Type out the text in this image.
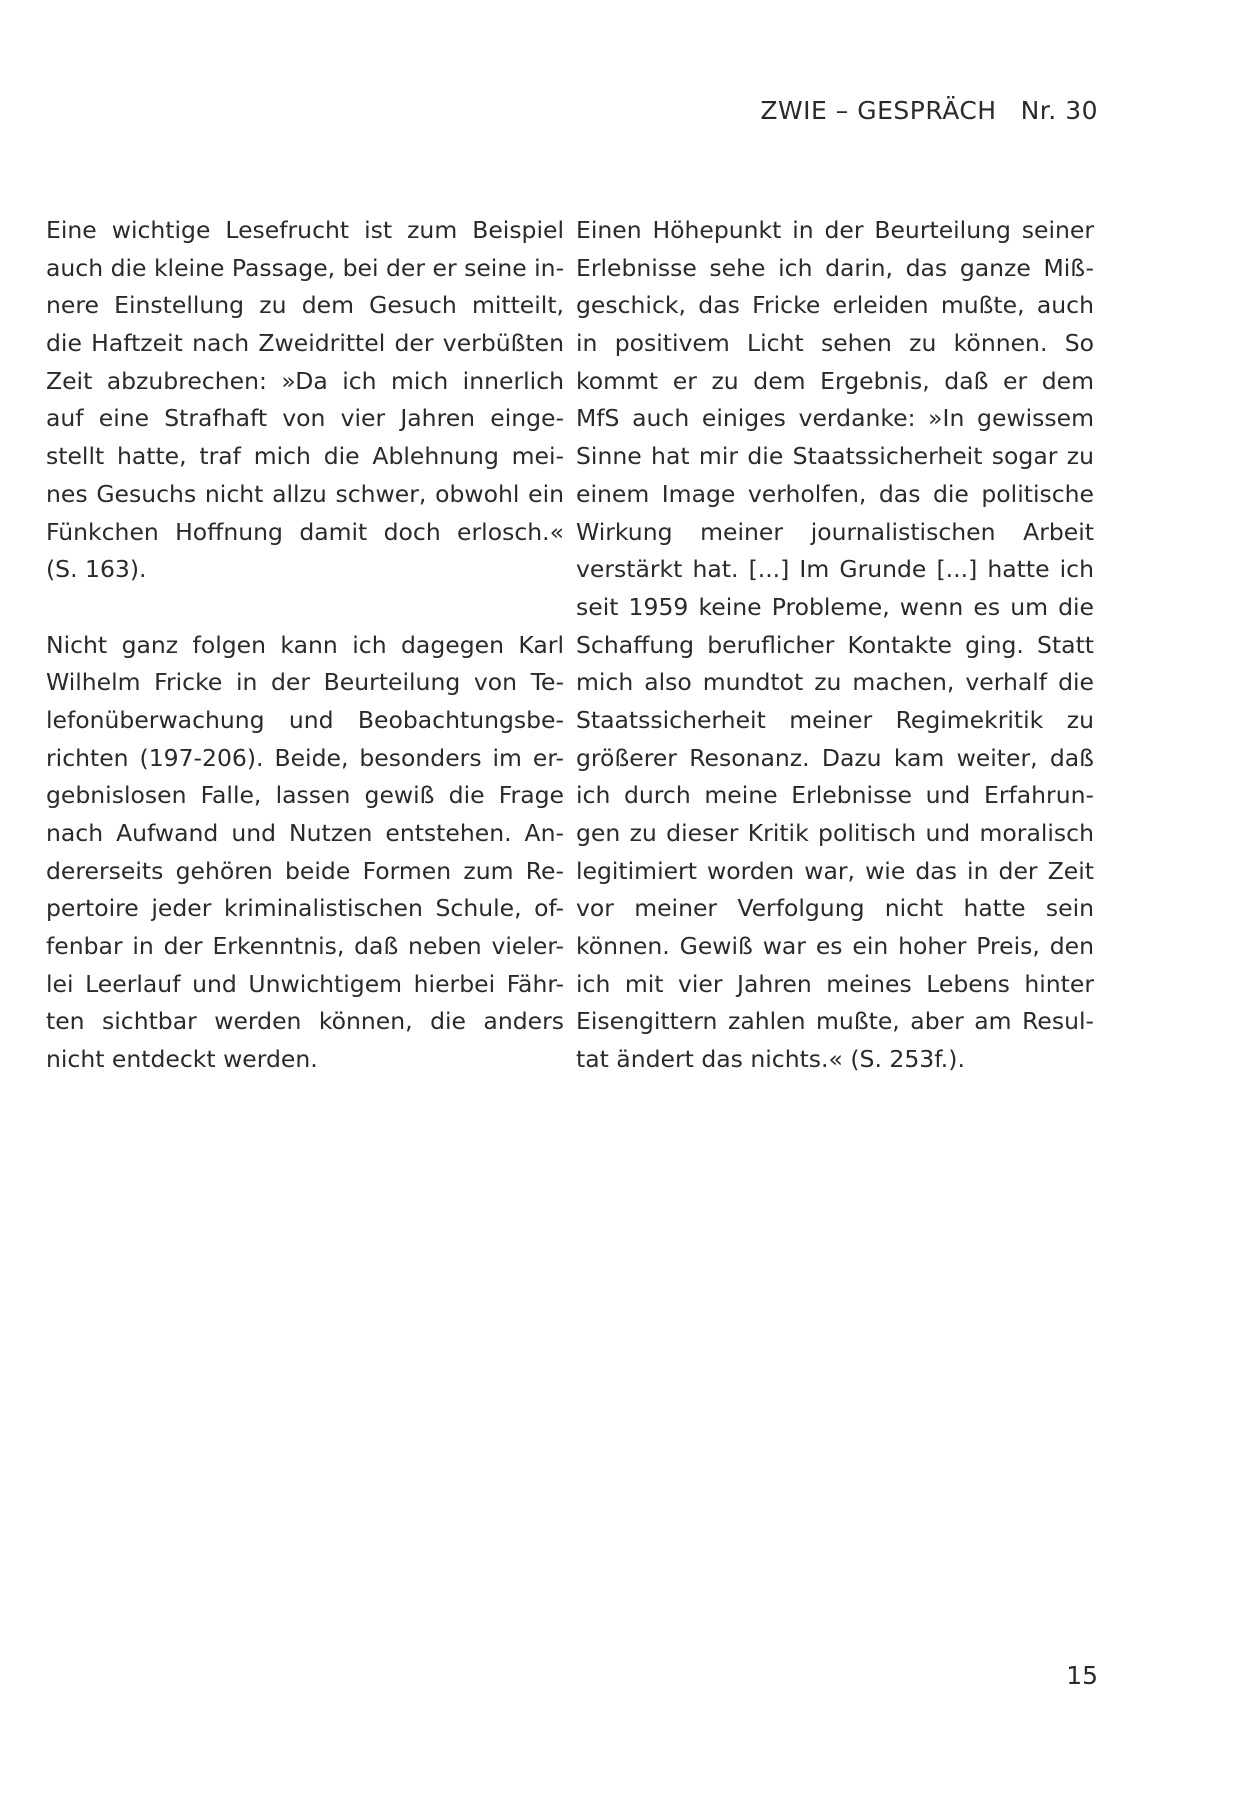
ZWIE – GESPRÄCH Nr. 30
Eine wichtige Lesefrucht ist zum Beispiel
auch die kleine Passage, bei der er seine in-
nere Einstellung zu dem Gesuch mitteilt,
die Haftzeit nach Zweidrittel der verbüßten
Zeit abzubrechen: »Da ich mich innerlich
auf eine Strafhaft von vier Jahren einge-
stellt hatte, traf mich die Ablehnung mei-
nes Gesuchs nicht allzu schwer, obwohl ein
Fünkchen Hoffnung damit doch erlosch.«
(S. 163).
Nicht ganz folgen kann ich dagegen Karl
Wilhelm Fricke in der Beurteilung von Te-
lefonüberwachung und Beobachtungsbe-
richten (197-206). Beide, besonders im er-
gebnislosen Falle, lassen gewiß die Frage
nach Aufwand und Nutzen entstehen. An-
dererseits gehören beide Formen zum Re-
pertoire jeder kriminalistischen Schule, of-
fenbar in der Erkenntnis, daß neben vieler-
lei Leerlauf und Unwichtigem hierbei Fähr-
ten sichtbar werden können, die anders
nicht entdeckt werden.
Einen Höhepunkt in der Beurteilung seiner
Erlebnisse sehe ich darin, das ganze Miß-
geschick, das Fricke erleiden mußte, auch
in positivem Licht sehen zu können. So
kommt er zu dem Ergebnis, daß er dem
MfS auch einiges verdanke: »In gewissem
Sinne hat mir die Staatssicherheit sogar zu
einem Image verholfen, das die politische
Wirkung meiner journalistischen Arbeit
verstärkt hat. [...] Im Grunde [...] hatte ich
seit 1959 keine Probleme, wenn es um die
Schaffung beruflicher Kontakte ging. Statt
mich also mundtot zu machen, verhalf die
Staatssicherheit meiner Regimekritik zu
größerer Resonanz. Dazu kam weiter, daß
ich durch meine Erlebnisse und Erfahrun-
gen zu dieser Kritik politisch und moralisch
legitimiert worden war, wie das in der Zeit
vor meiner Verfolgung nicht hatte sein
können. Gewiß war es ein hoher Preis, den
ich mit vier Jahren meines Lebens hinter
Eisengittern zahlen mußte, aber am Resul-
tat ändert das nichts.« (S. 253f.).
15
